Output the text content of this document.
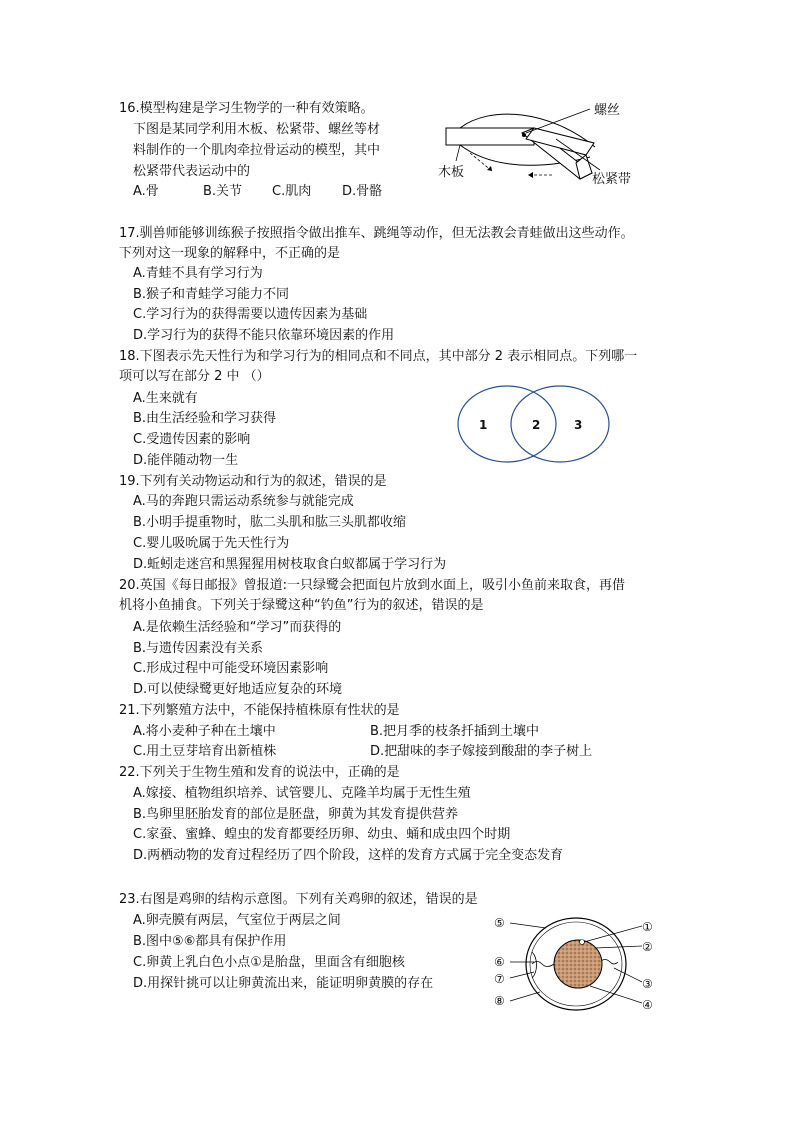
16.模型构建是学习生物学的一种有效策略。
下图是某同学利用木板、松紧带、螺丝等材
料制作的一个肌肉牵拉骨运动的模型，其中
松紧带代表运动中的
A.骨	B.关节 C.肌肉 D.骨骼
螺丝
木板	松紧带
17.驯兽师能够训练猴子按照指令做出推车、跳绳等动作，但无法教会青蛙做出这些动作。
下列对这一现象的解释中，不正确的是
A.青蛙不具有学习行为
B.猴子和青蛙学习能力不同
C.学习行为的获得需要以遗传因素为基础
D.学习行为的获得不能只依靠环境因素的作用
18.下图表示先天性行为和学习行为的相同点和不同点，其中部分 2 表示相同点。下列哪一
项可以写在部分 2 中 （）
A.生来就有
B.由生活经验和学习获得
C.受遗传因素的影响
D.能伴随动物一生
1	2	3
19.下列有关动物运动和行为的叙述，错误的是
A.马的奔跑只需运动系统参与就能完成
B.小明手提重物时，肱二头肌和肱三头肌都收缩
C.婴儿吸吮属于先天性行为
D.蚯蚓走迷宫和黑猩猩用树枝取食白蚁都属于学习行为
20.英国《每日邮报》曾报道:一只绿鹭会把面包片放到水面上，吸引小鱼前来取食，再借
机将小鱼捕食。下列关于绿鹭这种“钓鱼”行为的叙述，错误的是
A.是依赖生活经验和“学习”而获得的
B.与遗传因素没有关系
C.形成过程中可能受环境因素影响
D.可以使绿鹭更好地适应复杂的环境
21.下列繁殖方法中，不能保持植株原有性状的是
A.将小麦种子种在土壤中	B.把月季的枝条扦插到土壤中
C.用土豆芽培育出新植株	D.把甜味的李子嫁接到酸甜的李子树上
22.下列关于生物生殖和发育的说法中，正确的是
A.嫁接、植物组织培养、试管婴儿、克隆羊均属于无性生殖
B.鸟卵里胚胎发育的部位是胚盘，卵黄为其发育提供营养
C.家蚕、蜜蜂、蝗虫的发育都要经历卵、幼虫、蛹和成虫四个时期
D.两栖动物的发育过程经历了四个阶段，这样的发育方式属于完全变态发育
23.右图是鸡卵的结构示意图。下列有关鸡卵的叙述，错误的是
A.卵壳膜有两层，气室位于两层之间
B.图中⑤⑥都具有保护作用
C.卵黄上乳白色小点①是胎盘，里面含有细胞核
D.用探针挑可以让卵黄流出来，能证明卵黄膜的存在
⑤	①
②
⑥
⑦	③
⑧	④
